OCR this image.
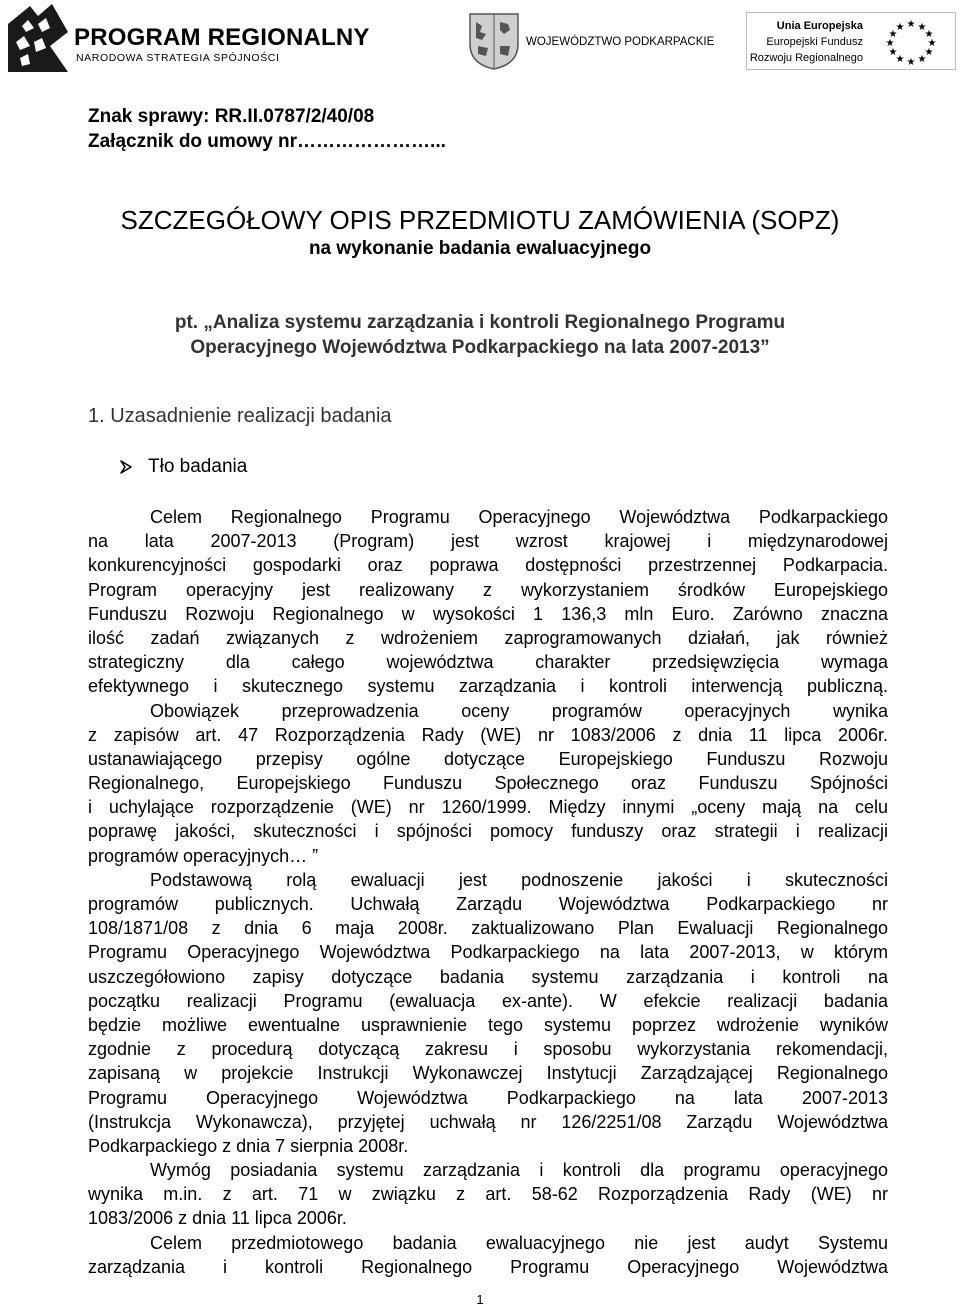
PROGRAM REGIONALNY
NARODOWA STRATEGIA SPÓJNOŚCI
WOJEWÓDZTWO PODKARPACKIE
Unia Europejska
Europejski Fundusz
Rozwoju Regionalnego
★ ★
★
★
★
★
★
★
★
★
★
★
Znak sprawy: RR.II.0787/2/40/08
Załącznik do umowy nr…………………...
SZCZEGÓŁOWY OPIS PRZEDMIOTU ZAMÓWIENIA (SOPZ)
na wykonanie badania ewaluacyjnego
pt. „Analiza systemu zarządzania i kontroli Regionalnego Programu
Operacyjnego Województwa Podkarpackiego na lata 2007-2013”
1. Uzasadnienie realizacji badania
Tło badania
Celem Regionalnego Programu Operacyjnego Województwa Podkarpackiego
na lata 2007-2013 (Program) jest wzrost krajowej i międzynarodowej
konkurencyjności gospodarki oraz poprawa dostępności przestrzennej Podkarpacia.
Program operacyjny jest realizowany z wykorzystaniem środków Europejskiego
Funduszu Rozwoju Regionalnego w wysokości 1 136,3 mln Euro. Zarówno znaczna
ilość zadań związanych z wdrożeniem zaprogramowanych działań, jak również
strategiczny dla całego województwa charakter przedsięwzięcia wymaga
efektywnego i skutecznego systemu zarządzania i kontroli interwencją publiczną.
Obowiązek przeprowadzenia oceny programów operacyjnych wynika
z zapisów art. 47 Rozporządzenia Rady (WE) nr 1083/2006 z dnia 11 lipca 2006r.
ustanawiającego przepisy ogólne dotyczące Europejskiego Funduszu Rozwoju
Regionalnego, Europejskiego Funduszu Społecznego oraz Funduszu Spójności
i uchylające rozporządzenie (WE) nr 1260/1999. Między innymi „oceny mają na celu
poprawę jakości, skuteczności i spójności pomocy funduszy oraz strategii i realizacji
programów operacyjnych… ”
Podstawową rolą ewaluacji jest podnoszenie jakości i skuteczności
programów publicznych. Uchwałą Zarządu Województwa Podkarpackiego nr
108/1871/08 z dnia 6 maja 2008r. zaktualizowano Plan Ewaluacji Regionalnego
Programu Operacyjnego Województwa Podkarpackiego na lata 2007-2013, w którym
uszczegółowiono zapisy dotyczące badania systemu zarządzania i kontroli na
początku realizacji Programu (ewaluacja ex-ante). W efekcie realizacji badania
będzie możliwe ewentualne usprawnienie tego systemu poprzez wdrożenie wyników
zgodnie z procedurą dotyczącą zakresu i sposobu wykorzystania rekomendacji,
zapisaną w projekcie Instrukcji Wykonawczej Instytucji Zarządzającej Regionalnego
Programu Operacyjnego Województwa Podkarpackiego na lata 2007-2013
(Instrukcja Wykonawcza), przyjętej uchwałą nr 126/2251/08 Zarządu Województwa
Podkarpackiego z dnia 7 sierpnia 2008r.
Wymóg posiadania systemu zarządzania i kontroli dla programu operacyjnego
wynika m.in. z art. 71 w związku z art. 58-62 Rozporządzenia Rady (WE) nr
1083/2006 z dnia 11 lipca 2006r.
Celem przedmiotowego badania ewaluacyjnego nie jest audyt Systemu
zarządzania i kontroli Regionalnego Programu Operacyjnego Województwa
1
